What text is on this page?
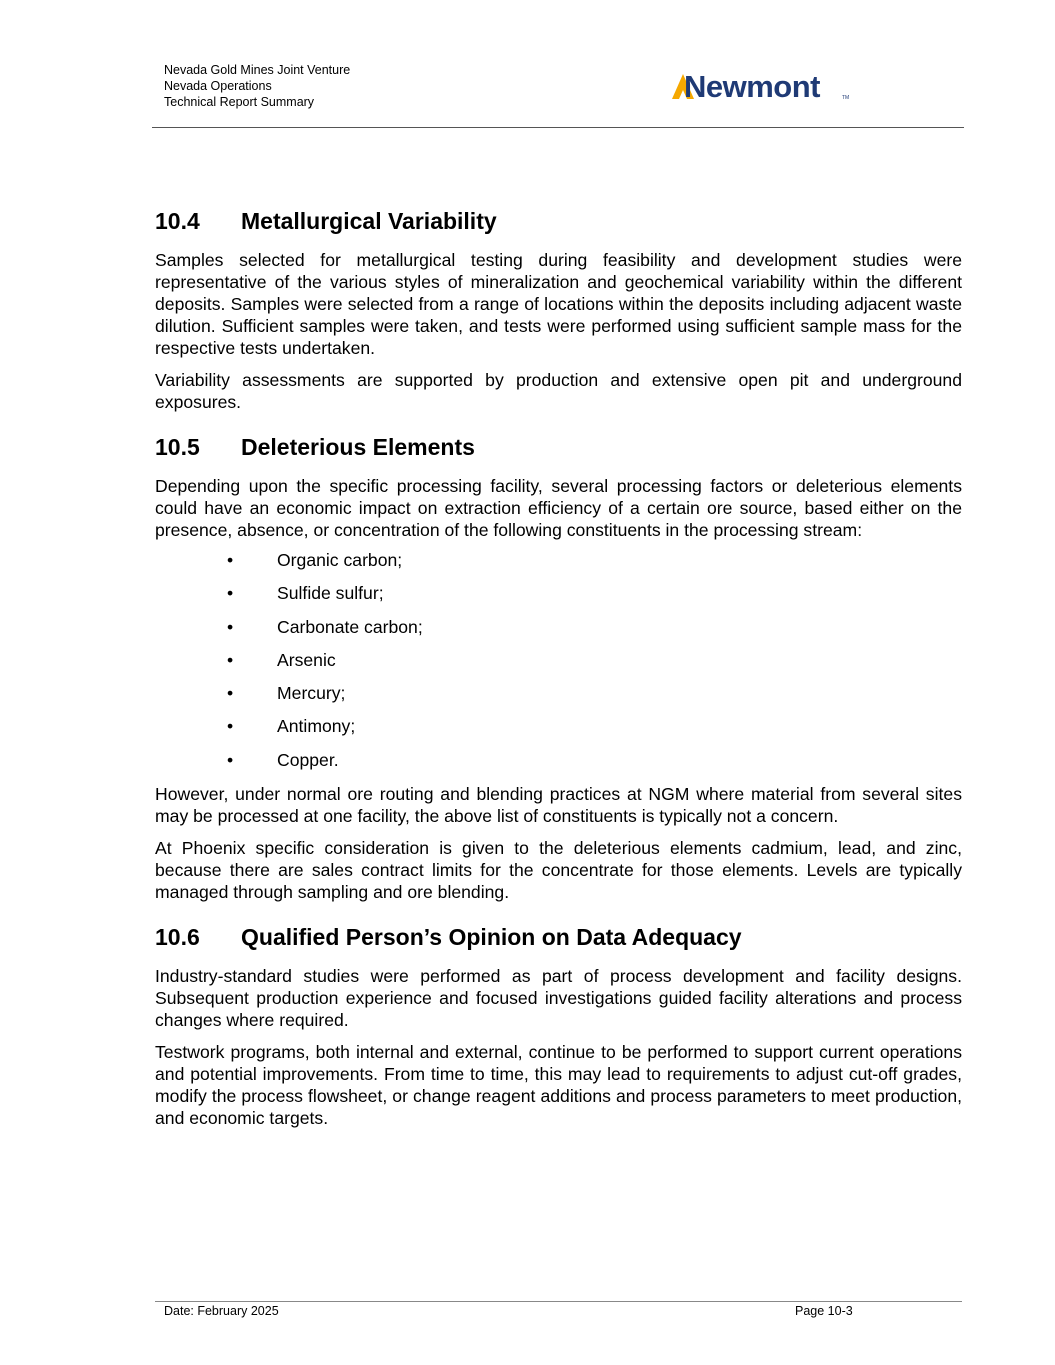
Nevada Gold Mines Joint Venture
Nevada Operations
Technical Report Summary	Newmont	TM
10.4	Metallurgical Variability

Samples selected for metallurgical testing during feasibility and development studies were representative of the various styles of mineralization and geochemical variability within the different deposits. Samples were selected from a range of locations within the deposits including adjacent waste dilution. Sufficient samples were taken, and tests were performed using sufficient sample mass for the respective tests undertaken.

Variability assessments are supported by production and extensive open pit and underground exposures.

10.5	Deleterious Elements

Depending upon the specific processing facility, several processing factors or deleterious elements could have an economic impact on extraction efficiency of a certain ore source, based either on the presence, absence, or concentration of the following constituents in the processing stream:

•	Organic carbon;
•	Sulfide sulfur;
•	Carbonate carbon;
•	Arsenic
•	Mercury;
•	Antimony;
•	Copper.

However, under normal ore routing and blending practices at NGM where material from several sites may be processed at one facility, the above list of constituents is typically not a concern.

At Phoenix specific consideration is given to the deleterious elements cadmium, lead, and zinc, because there are sales contract limits for the concentrate for those elements. Levels are typically managed through sampling and ore blending.

10.6	Qualified Person’s Opinion on Data Adequacy

Industry-standard studies were performed as part of process development and facility designs. Subsequent production experience and focused investigations guided facility alterations and process changes where required.

Testwork programs, both internal and external, continue to be performed to support current operations and potential improvements. From time to time, this may lead to requirements to adjust cut-off grades, modify the process flowsheet, or change reagent additions and process parameters to meet production, and economic targets.

Date: February 2025	Page 10-3
